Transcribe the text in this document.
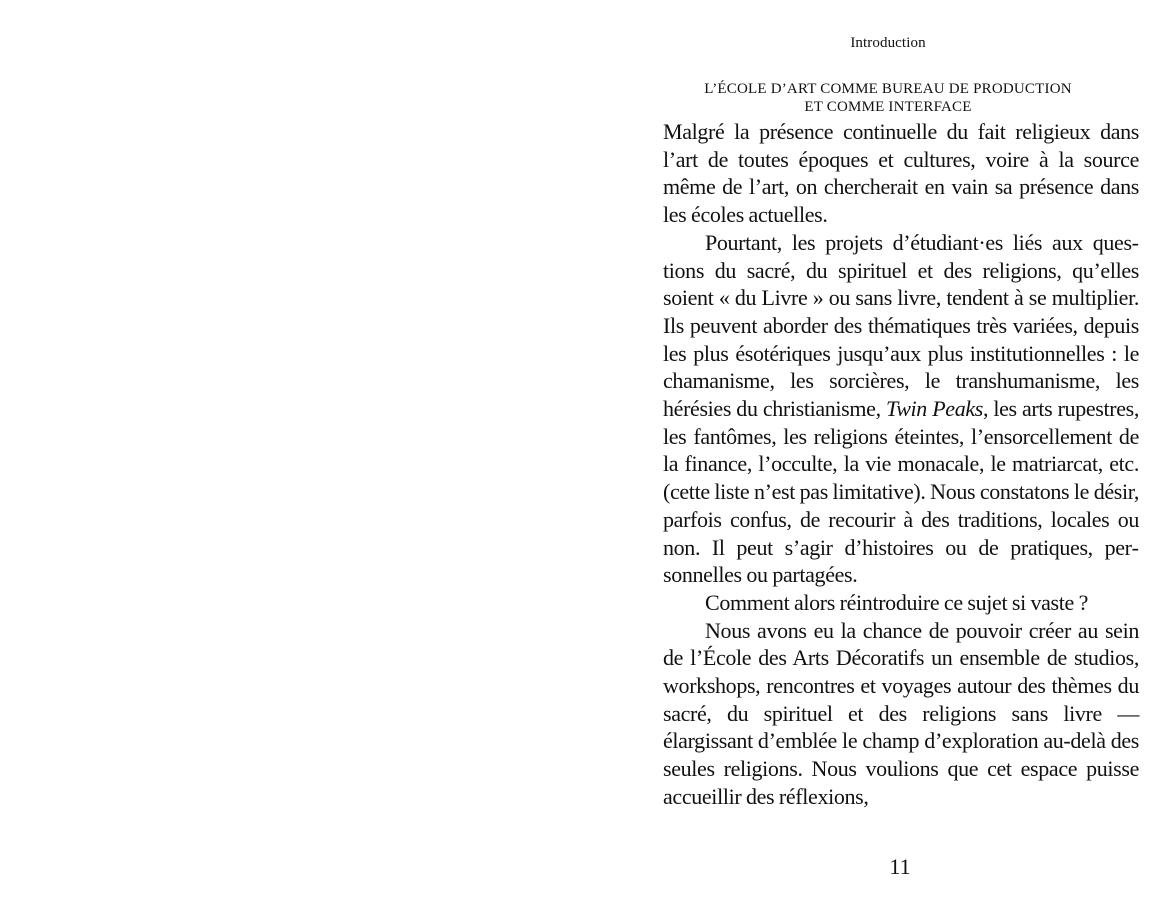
Introduction
L’ÉCOLE D’ART COMME BUREAU DE PRODUCTION
ET COMME INTERFACE

Malgré la présence continuelle du fait religieux dans l’art de toutes époques et cultures, voire à la source même de l’art, on chercherait en vain sa présence dans les écoles actuelles.

Pourtant, les projets d’étudiant·es liés aux questions du sacré, du spirituel et des religions, qu’elles soient « du Livre » ou sans livre, tendent à se multiplier. Ils peuvent aborder des thématiques très variées, depuis les plus ésotériques jusqu’aux plus institutionnelles : le chamanisme, les sorcières, le transhumanisme, les hérésies du christianisme, Twin Peaks, les arts rupestres, les fantômes, les religions éteintes, l’ensorcellement de la finance, l’occulte, la vie monacale, le matriarcat, etc. (cette liste n’est pas limitative). Nous constatons le désir, parfois confus, de recourir à des traditions, locales ou non. Il peut s’agir d’histoires ou de pratiques, personnelles ou partagées.

Comment alors réintroduire ce sujet si vaste ?

Nous avons eu la chance de pouvoir créer au sein de l’École des Arts Décoratifs un ensemble de studios, workshops, rencontres et voyages autour des thèmes du sacré, du spirituel et des religions sans livre — élargissant d’emblée le champ d’exploration au-delà des seules religions. Nous voulions que cet espace puisse accueillir des réflexions,

11
